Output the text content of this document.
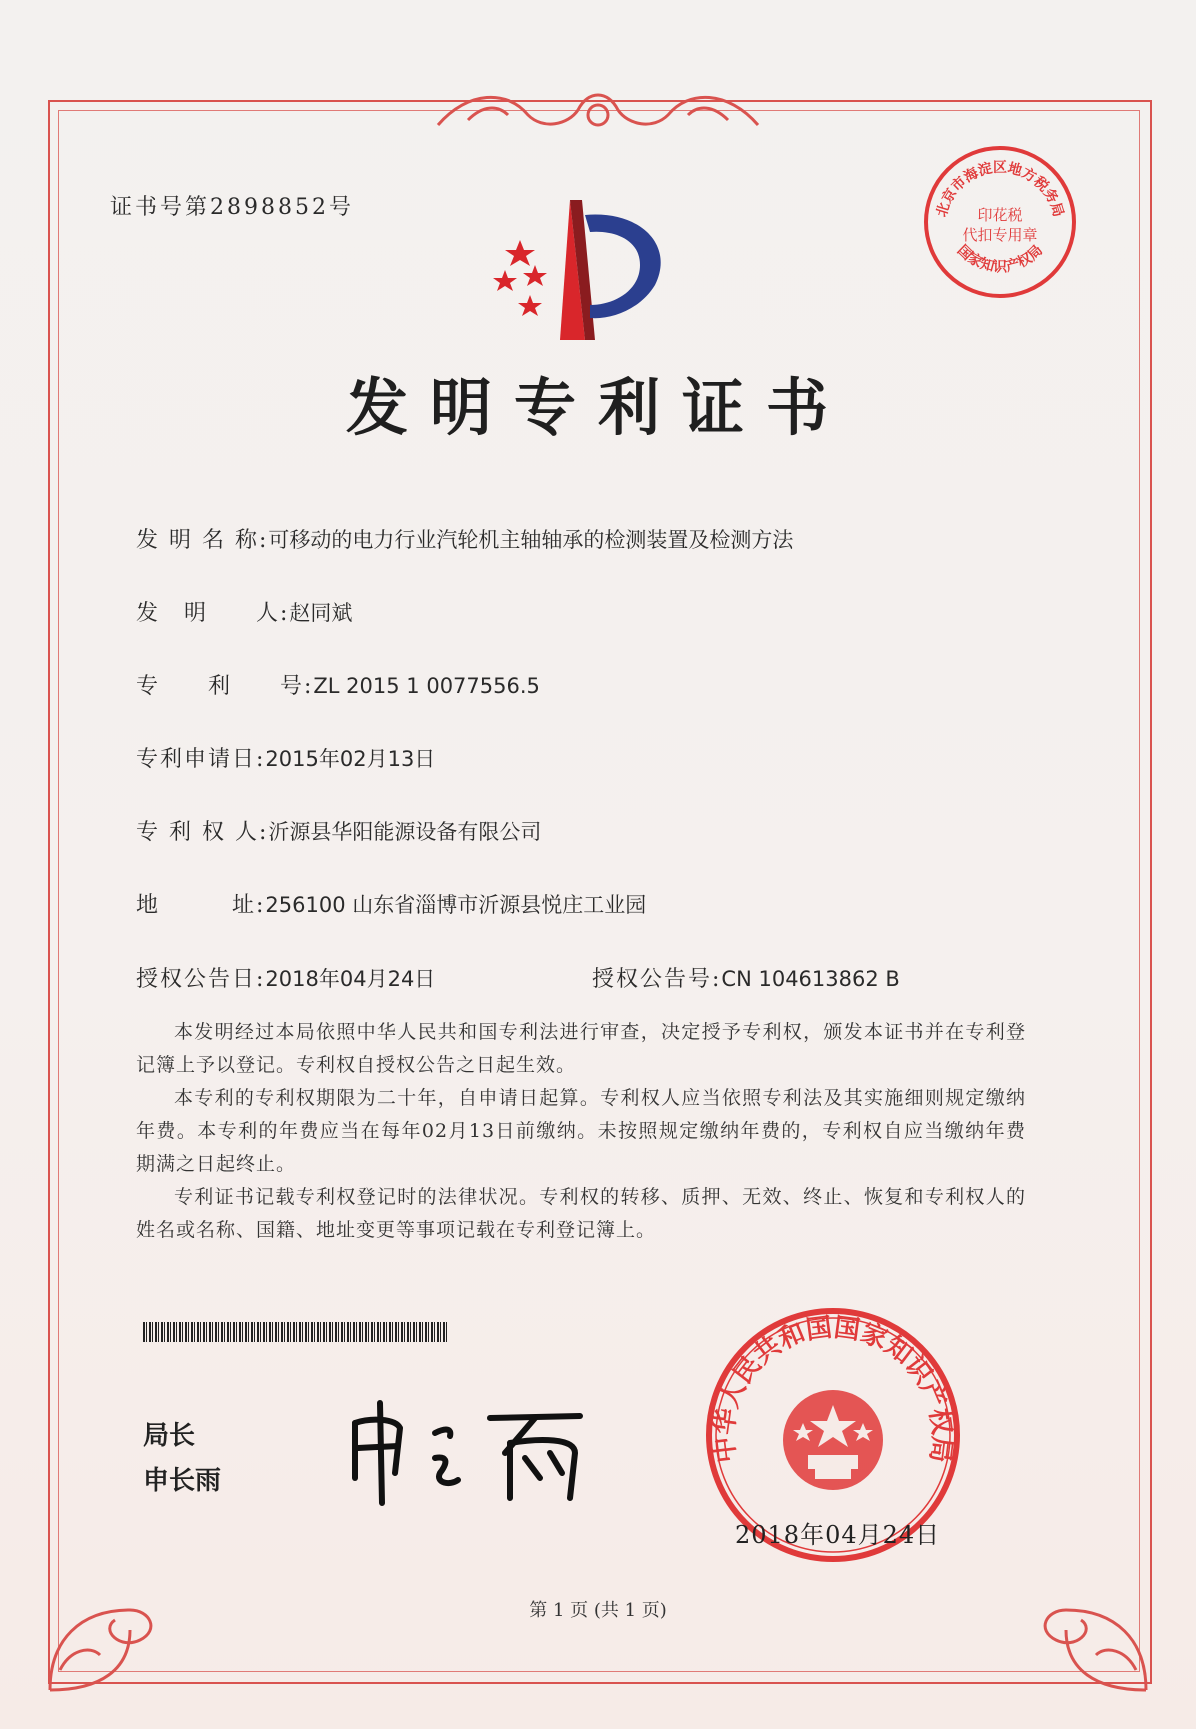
证书号第2898852号	北京市海淀区地方税务局
印花税
代扣专用章
国家知识产权局
发明专利证书
发 明 名 称:可移动的电力行业汽轮机主轴轴承的检测装置及检测方法
发　明　　人:赵同斌
专　　利　　号:ZL 2015 1 0077556.5
专利申请日:2015年02月13日
专 利 权 人:沂源县华阳能源设备有限公司
地　　　址:256100 山东省淄博市沂源县悦庄工业园
授权公告日:2018年04月24日	授权公告号:CN 104613862 B

本发明经过本局依照中华人民共和国专利法进行审查，决定授予专利权，颁发本证书并在专利登记簿上予以登记。专利权自授权公告之日起生效。

本专利的专利权期限为二十年，自申请日起算。专利权人应当依照专利法及其实施细则规定缴纳年费。本专利的年费应当在每年02月13日前缴纳。未按照规定缴纳年费的，专利权自应当缴纳年费期满之日起终止。

专利证书记载专利权登记时的法律状况。专利权的转移、质押、无效、终止、恢复和专利权人的姓名或名称、国籍、地址变更等事项记载在专利登记簿上。

局长
申长雨
中华人民共和国国家知识产权局
2018年04月24日
第 1 页 (共 1 页)
